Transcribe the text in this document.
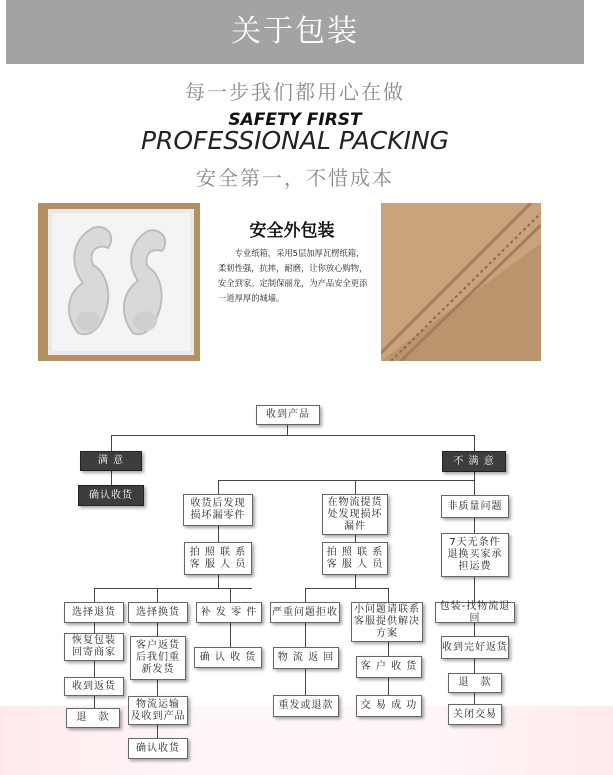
关于包装
每一步我们都用心在做
SAFETY FIRST
PROFESSIONAL PACKING
安全第一，不惜成本
安全外包装
专业纸箱，采用5层加厚瓦楞纸箱，柔韧性强，抗摔，耐磨，让你放心购物，安全到家。定制保丽龙，为产品安全更添一道厚厚的城墙。
收到产品
满 意	不 满 意
确认收货
收货后发现
损坏漏零件
在物流提货
处发现损坏
漏件
非质量问题
拍 照 联 系
客 服 人 员
拍 照 联 系
客 服 人 员
7天无条件
退换买家承
担运费
选择退货	选择换货	补 发 零 件	严重问题拒收	小问题请联系
客服提供解决
方案
包装-找物流退回
恢复包装
回寄商家
客户返货
后我们重
新发货
确 认 收 货	物 流 返 回
客 户 收 货
收到完好返货
收到返货
物流运输
及收到产品
重发或退款	交 易 成 功
退　款
退　款	关闭交易
确认收货
